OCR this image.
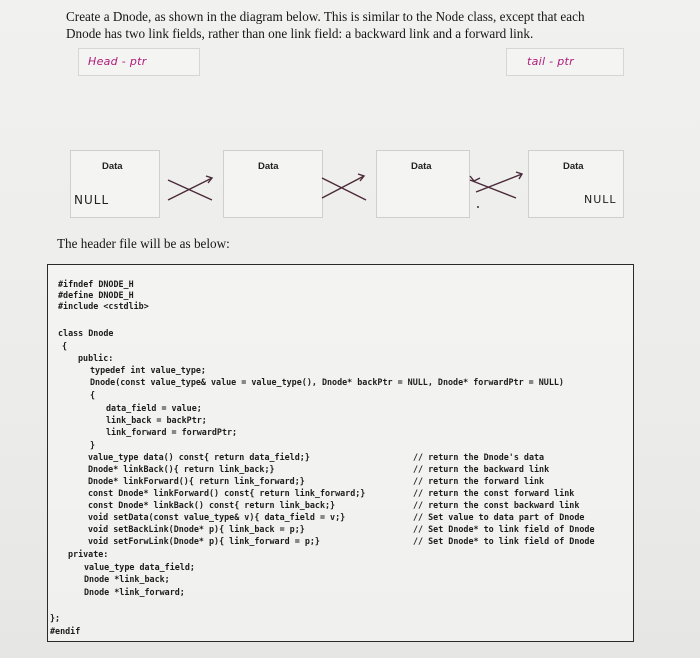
Create a Dnode, as shown in the diagram below. This is similar to the Node class, except that each
Dnode has two link fields, rather than one link field: a backward link and a forward link.
Head - ptr	tail - ptr
Data	Data	Data	Data
NULL	NULL
The header file will be as below:
#ifndef DNODE_H
#define DNODE_H
#include <cstdlib>
class Dnode
{
public:
typedef int value_type;
Dnode(const value_type& value = value_type(), Dnode* backPtr = NULL, Dnode* forwardPtr = NULL)
{
data_field = value;
link_back = backPtr;
link_forward = forwardPtr;
}
value_type data() const{ return data_field;}	// return the Dnode's data
Dnode* linkBack(){ return link_back;}	// return the backward link
Dnode* linkForward(){ return link_forward;}	// return the forward link
const Dnode* linkForward() const{ return link_forward;}	// return the const forward link
const Dnode* linkBack() const{ return link_back;}	// return the const backward link
void setData(const value_type& v){ data_field = v;}	// Set value to data part of Dnode
void setBackLink(Dnode* p){ link_back = p;}	// Set Dnode* to link field of Dnode
void setForwLink(Dnode* p){ link_forward = p;}	// Set Dnode* to link field of Dnode
private:
value_type data_field;
Dnode *link_back;
Dnode *link_forward;
};
#endif
